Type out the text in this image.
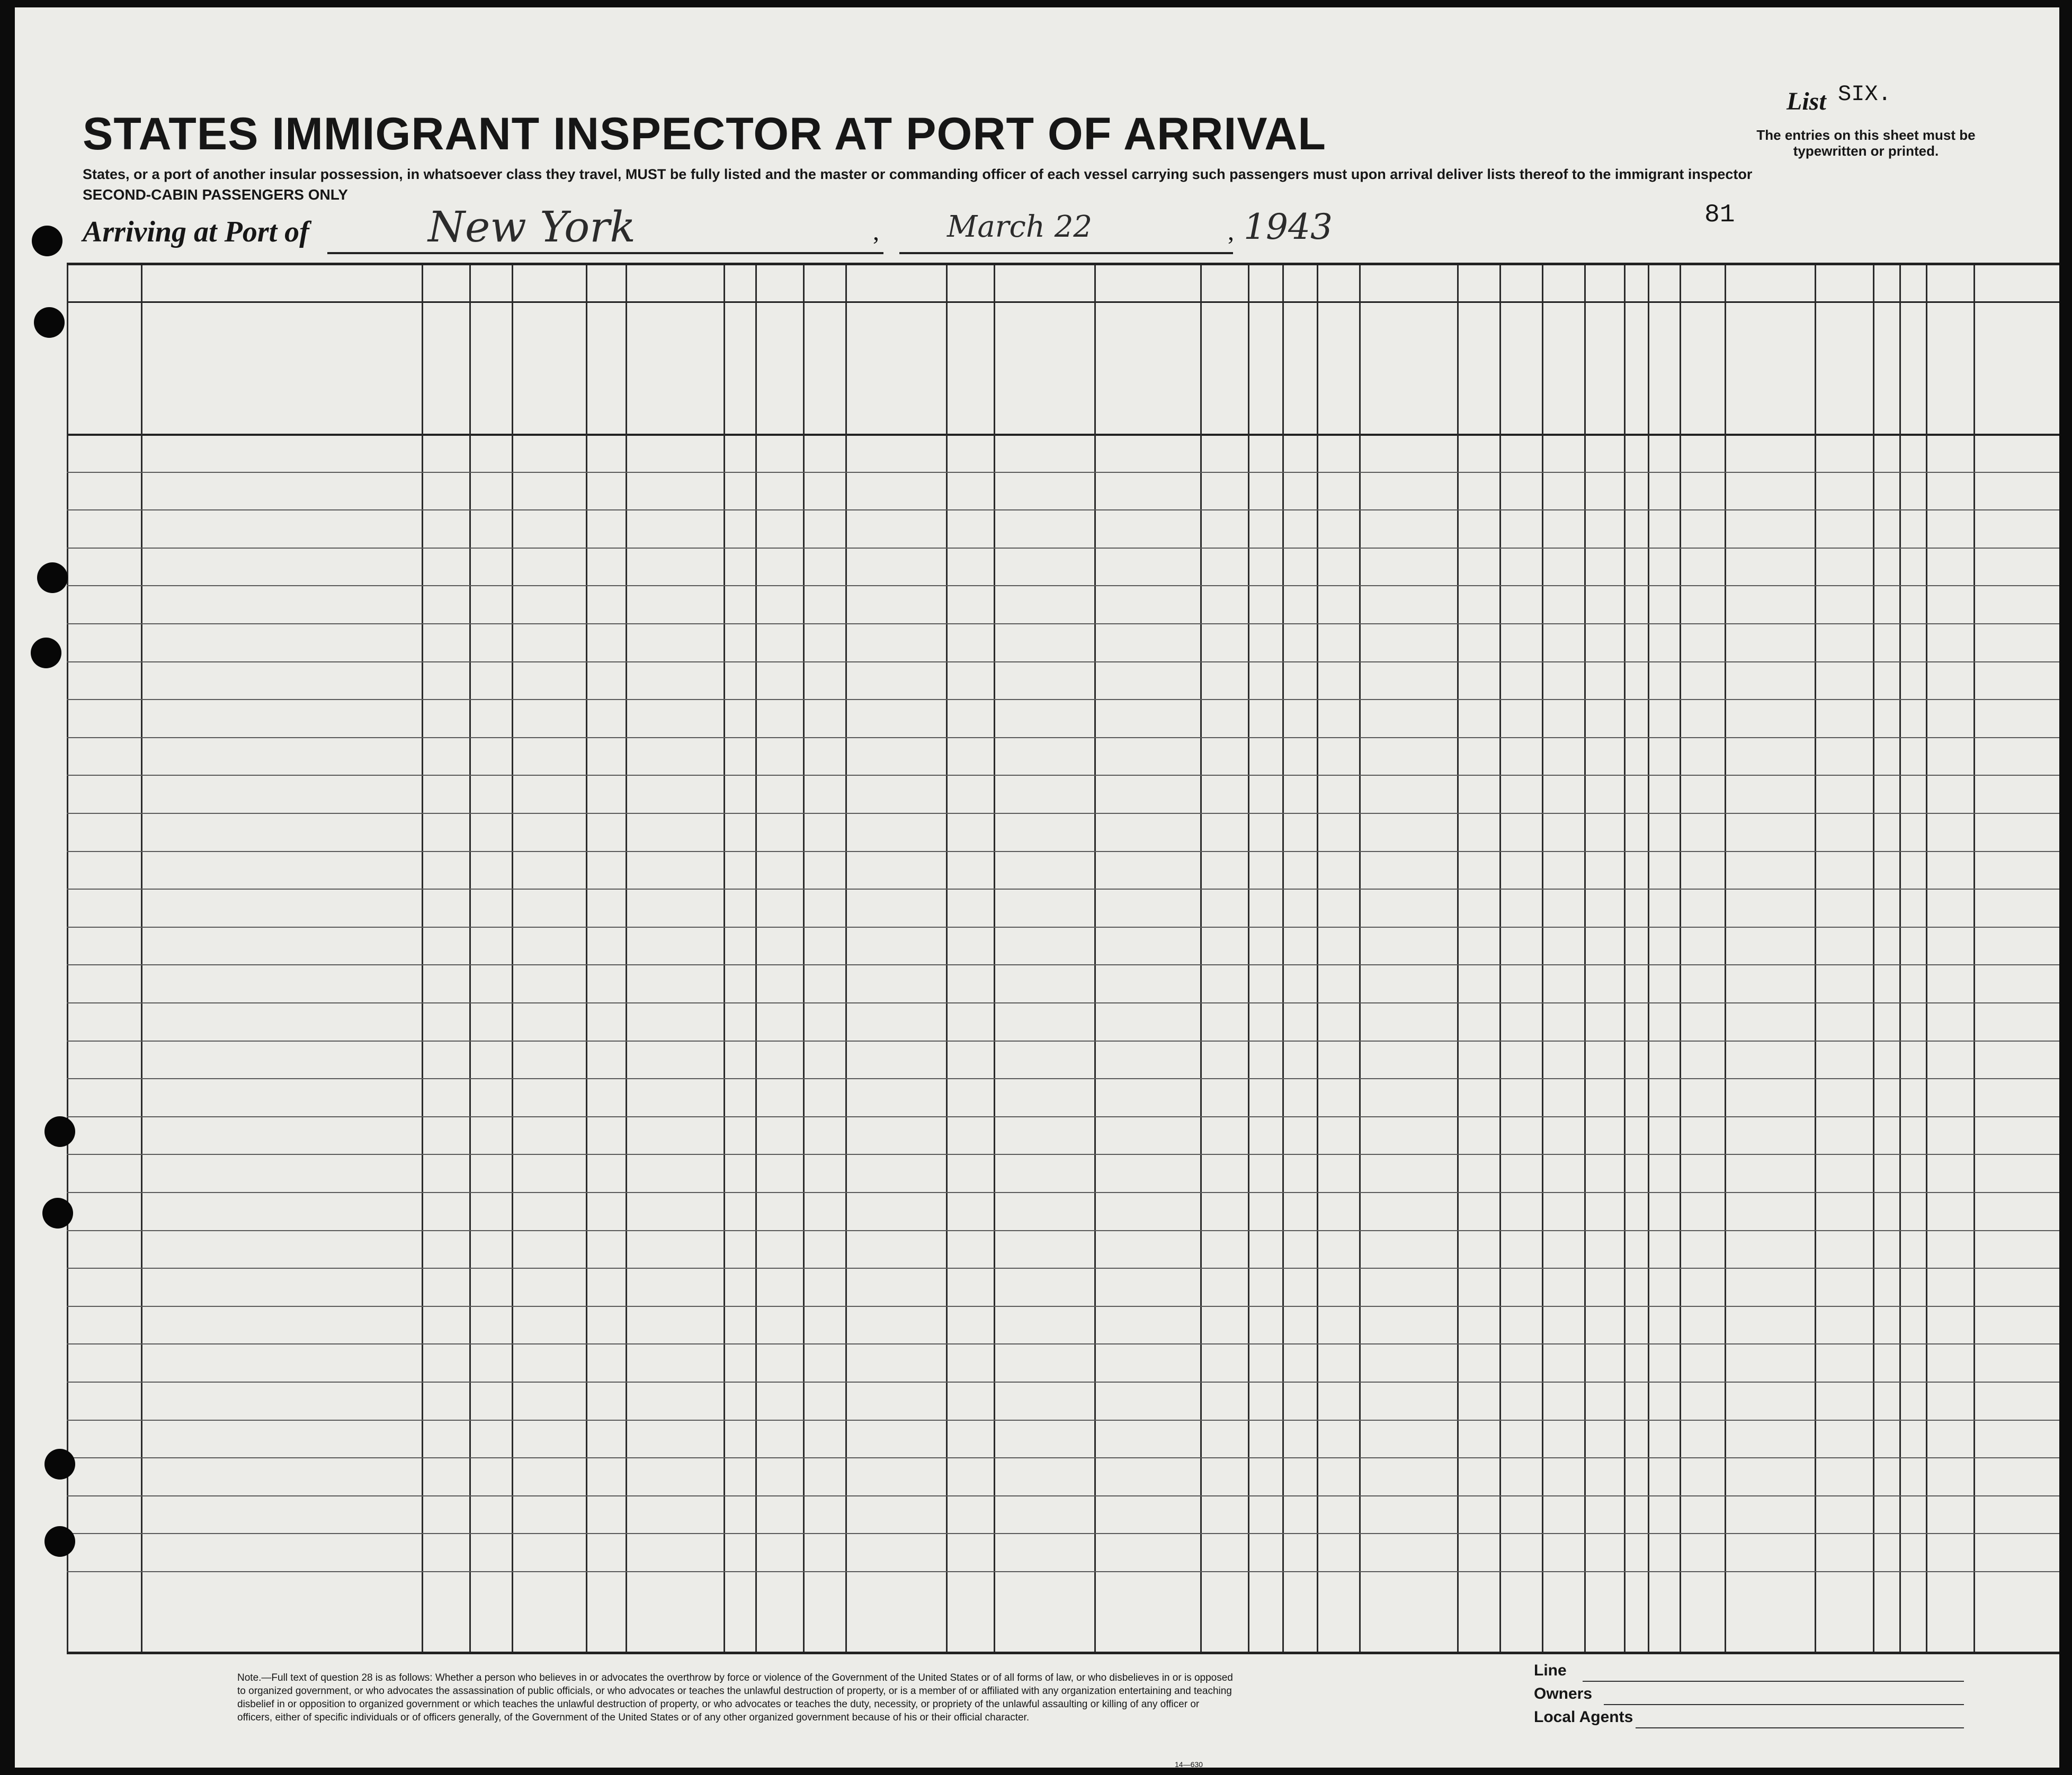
STATES IMMIGRANT INSPECTOR AT PORT OF ARRIVAL
States, or a port of another insular possession, in whatsoever class they travel, MUST be fully listed and the master or commanding officer of each vessel carrying such passengers must upon arrival deliver lists thereof to the immigrant inspector
SECOND-CABIN PASSENGERS ONLY
Arriving at Port of	New York	, March 22	, 1943
List SIX.
The entries on this sheet must be typewritten or printed.
81
Note.—Full text of question 28 is as follows: Whether a person who believes in or advocates the overthrow by force or violence of the Government of the United States or of all forms of law, or who disbelieves in or is opposed to organized government, or who advocates the assassination of public officials, or who advocates or teaches the unlawful destruction of property, or is a member of or affiliated with any organization entertaining and teaching disbelief in or opposition to organized government or which teaches the unlawful destruction of property, or who advocates or teaches the duty, necessity, or propriety of the unlawful assaulting or killing of any officer or officers, either of specific individuals or of officers generally, of the Government of the United States or of any other organized government because of his or their official character.
14—630
Line
Owners
Local Agents
